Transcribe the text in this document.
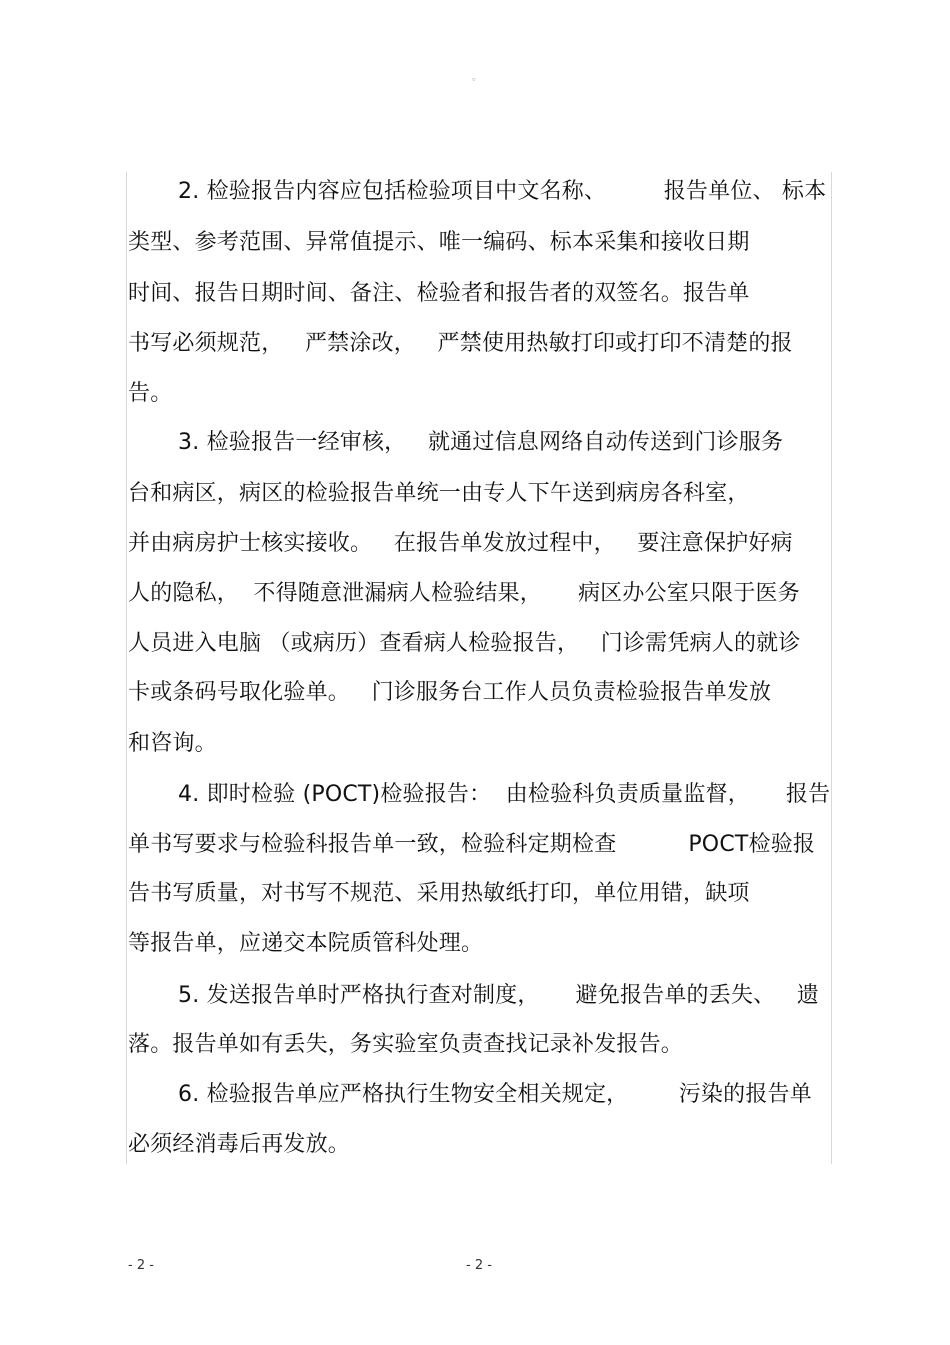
。
2. 检验报告内容应包括检验项目中文名称、        报告单位、 标本
类型、参考范围、异常值提示、唯一编码、标本采集和接收日期
时间、报告日期时间、备注、检验者和报告者的双签名。报告单
书写必须规范，   严禁涂改，   严禁使用热敏打印或打印不清楚的报
告。
3. 检验报告一经审核，   就通过信息网络自动传送到门诊服务
台和病区，病区的检验报告单统一由专人下午送到病房各科室，
并由病房护士核实接收。   在报告单发放过程中，   要注意保护好病
人的隐私，  不得随意泄漏病人检验结果，     病区办公室只限于医务
人员进入电脑 （或病历）查看病人检验报告，   门诊需凭病人的就诊
卡或条码号取化验单。   门诊服务台工作人员负责检验报告单发放
和咨询。
4. 即时检验 (POCT)检验报告：  由检验科负责质量监督，     报告
单书写要求与检验科报告单一致，检验科定期检查          POCT检验报
告书写质量，对书写不规范、采用热敏纸打印，单位用错，缺项
等报告单，应递交本院质管科处理。
5. 发送报告单时严格执行查对制度，     避免报告单的丢失、   遗
落。报告单如有丢失，务实验室负责查找记录补发报告。
6. 检验报告单应严格执行生物安全相关规定，       污染的报告单
必须经消毒后再发放。
- 2 -	- 2 -
